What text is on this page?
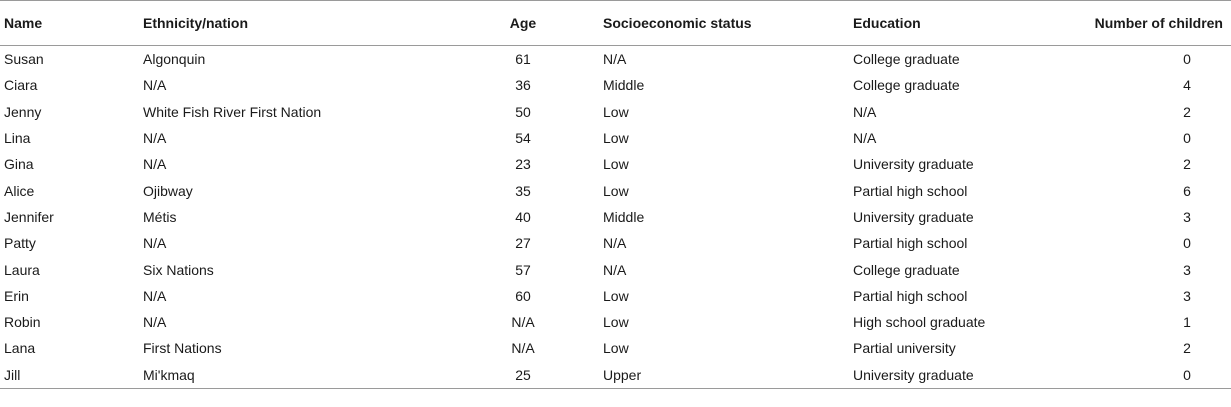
Name	Ethnicity/nation	Age	Socioeconomic status	Education	Number of children
Susan	Algonquin	61	N/A	College graduate	0
Ciara	N/A	36	Middle	College graduate	4
Jenny	White Fish River First Nation	50	Low	N/A	2
Lina	N/A	54	Low	N/A	0
Gina	N/A	23	Low	University graduate	2
Alice	Ojibway	35	Low	Partial high school	6
Jennifer	Métis	40	Middle	University graduate	3
Patty	N/A	27	N/A	Partial high school	0
Laura	Six Nations	57	N/A	College graduate	3
Erin	N/A	60	Low	Partial high school	3
Robin	N/A	N/A	Low	High school graduate	1
Lana	First Nations	N/A	Low	Partial university	2
Jill	Mi'kmaq	25	Upper	University graduate	0
